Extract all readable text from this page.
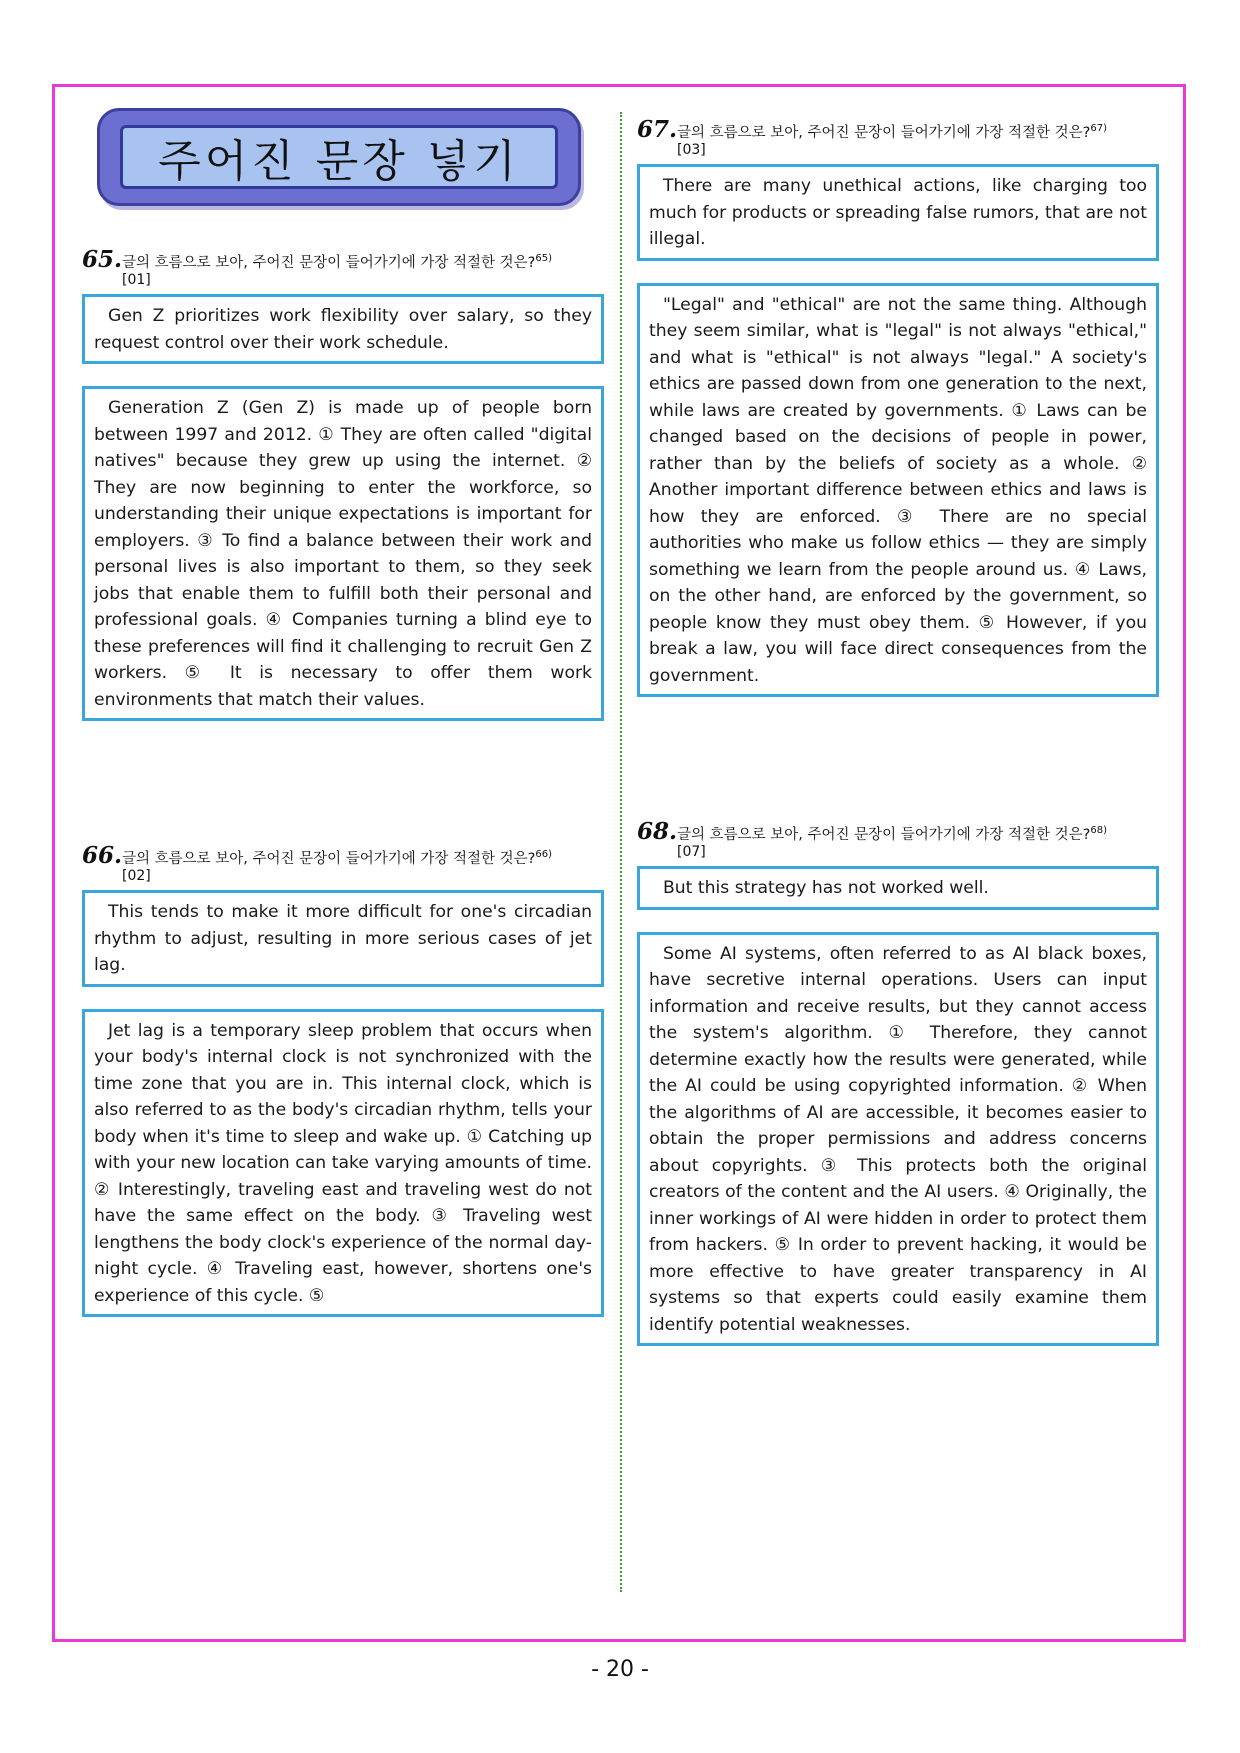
주어진 문장 넣기
65. 글의 흐름으로 보아, 주어진 문장이 들어가기에 가장 적절한 것은?$^{65)}$
[01]
Gen Z prioritizes work flexibility over salary, so they request control over their work schedule.
Generation Z (Gen Z) is made up of people born between 1997 and 2012. ① They are often called "digital natives" because they grew up using the internet. ② They are now beginning to enter the workforce, so understanding their unique expectations is important for employers. ③ To find a balance between their work and personal lives is also important to them, so they seek jobs that enable them to fulfill both their personal and professional goals. ④ Companies turning a blind eye to these preferences will find it challenging to recruit Gen Z workers. ⑤ It is necessary to offer them work environments that match their values.
66. 글의 흐름으로 보아, 주어진 문장이 들어가기에 가장 적절한 것은?$^{66)}$
[02]
This tends to make it more difficult for one's circadian rhythm to adjust, resulting in more serious cases of jet lag.
Jet lag is a temporary sleep problem that occurs when your body's internal clock is not synchronized with the time zone that you are in. This internal clock, which is also referred to as the body's circadian rhythm, tells your body when it's time to sleep and wake up. ① Catching up with your new location can take varying amounts of time. ② Interestingly, traveling east and traveling west do not have the same effect on the body. ③ Traveling west lengthens the body clock's experience of the normal day-night cycle. ④ Traveling east, however, shortens one's experience of this cycle. ⑤
67. 글의 흐름으로 보아, 주어진 문장이 들어가기에 가장 적절한 것은?$^{67)}$
[03]
There are many unethical actions, like charging too much for products or spreading false rumors, that are not illegal.
"Legal" and "ethical" are not the same thing. Although they seem similar, what is "legal" is not always "ethical," and what is "ethical" is not always "legal." A society's ethics are passed down from one generation to the next, while laws are created by governments. ① Laws can be changed based on the decisions of people in power, rather than by the beliefs of society as a whole. ② Another important difference between ethics and laws is how they are enforced. ③ There are no special authorities who make us follow ethics — they are simply something we learn from the people around us. ④ Laws, on the other hand, are enforced by the government, so people know they must obey them. ⑤ However, if you break a law, you will face direct consequences from the government.
68. 글의 흐름으로 보아, 주어진 문장이 들어가기에 가장 적절한 것은?$^{68)}$
[07]
But this strategy has not worked well.
Some AI systems, often referred to as AI black boxes, have secretive internal operations. Users can input information and receive results, but they cannot access the system's algorithm. ① Therefore, they cannot determine exactly how the results were generated, while the AI could be using copyrighted information. ② When the algorithms of AI are accessible, it becomes easier to obtain the proper permissions and address concerns about copyrights. ③ This protects both the original creators of the content and the AI users. ④ Originally, the inner workings of AI were hidden in order to protect them from hackers. ⑤ In order to prevent hacking, it would be more effective to have greater transparency in AI systems so that experts could easily examine them identify potential weaknesses.
- 20 -
